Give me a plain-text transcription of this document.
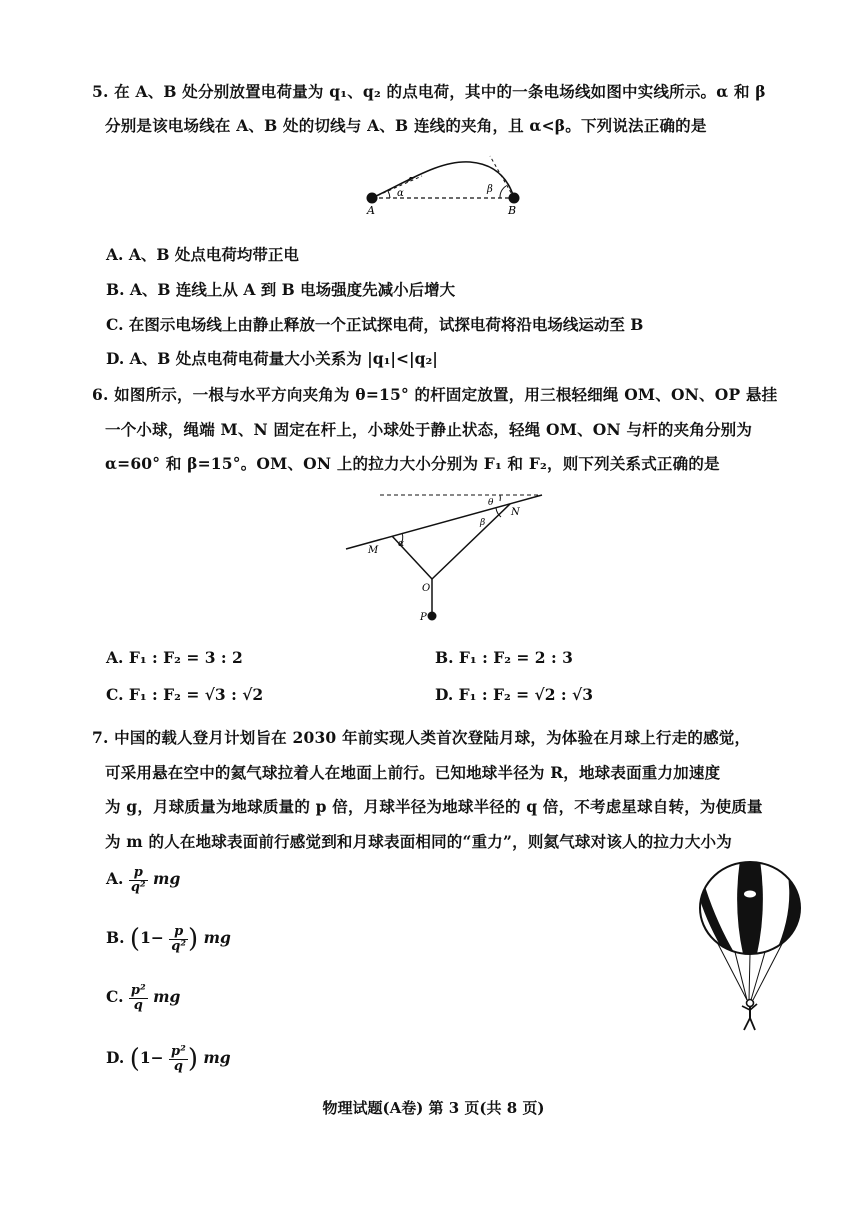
5. 在 A、B 处分别放置电荷量为 q₁、q₂ 的点电荷，其中的一条电场线如图中实线所示。α 和 β
分别是该电场线在 A、B 处的切线与 A、B 连线的夹角，且 α<β。下列说法正确的是
A	B
α	β
A. A、B 处点电荷均带正电
B. A、B 连线上从 A 到 B 电场强度先减小后增大
C. 在图示电场线上由静止释放一个正试探电荷，试探电荷将沿电场线运动至 B
D. A、B 处点电荷电荷量大小关系为 |q₁|<|q₂|
6. 如图所示，一根与水平方向夹角为 θ=15° 的杆固定放置，用三根轻细绳 OM、ON、OP 悬挂
一个小球，绳端 M、N 固定在杆上，小球处于静止状态，轻绳 OM、ON 与杆的夹角分别为
α=60° 和 β=15°。OM、ON 上的拉力大小分别为 F₁ 和 F₂，则下列关系式正确的是
M
N
O
P
α
β
θ
A. F₁ : F₂ = 3 : 2	B. F₁ : F₂ = 2 : 3
C. F₁ : F₂ = √3 : √2	D. F₁ : F₂ = √2 : √3
7. 中国的载人登月计划旨在 2030 年前实现人类首次登陆月球，为体验在月球上行走的感觉，
可采用悬在空中的氦气球拉着人在地面上前行。已知地球半径为 R，地球表面重力加速度
为 g，月球质量为地球质量的 p 倍，月球半径为地球半径的 q 倍，不考虑星球自转，为使质量
为 m 的人在地球表面前行感觉到和月球表面相同的“重力”，则氦气球对该人的拉力大小为
A. $\frac{p}{\text{q²}}$ mg
B. ($1- \frac{p}{\text{q²}}$ ) mg
C. $\frac{\text{p²}}{q}$ mg
D. ($1- \frac{\text{p²}}{q}$ ) mg
物理试题(A卷) 第 3 页(共 8 页)
